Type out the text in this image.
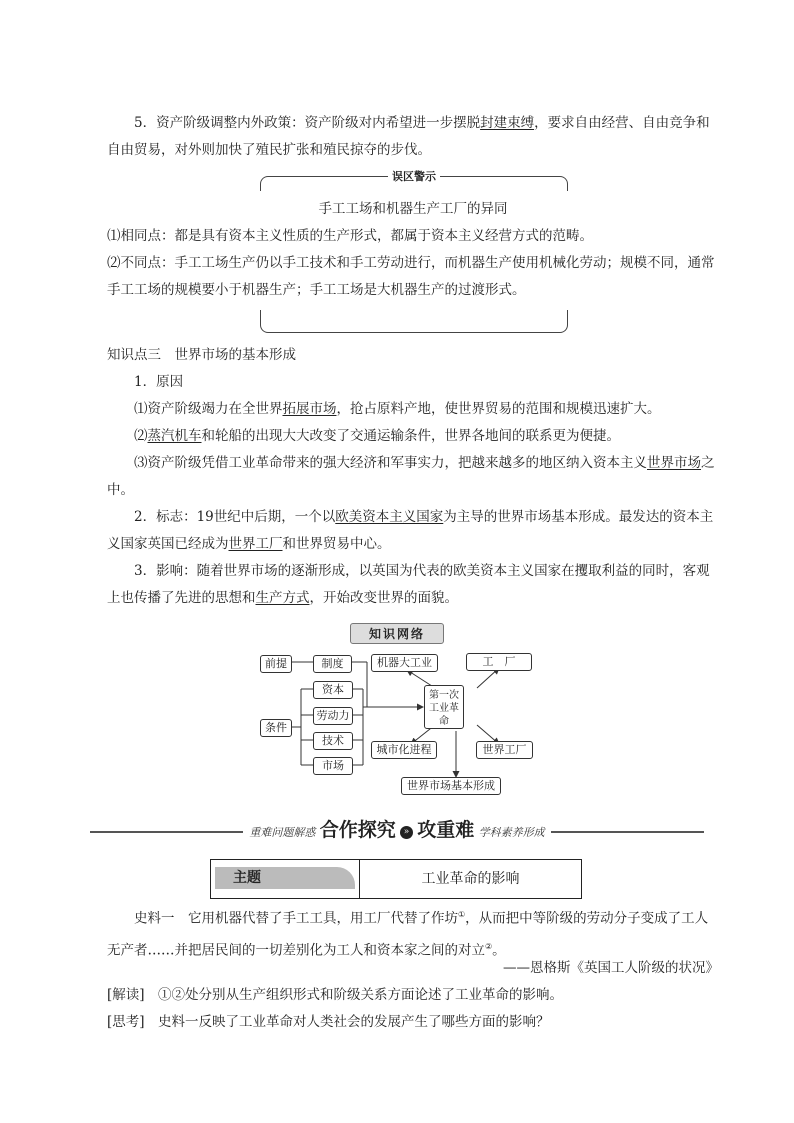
5．资产阶级调整内外政策：资产阶级对内希望进一步摆脱封建束缚，要求自由经营、自由竞争和自由贸易，对外则加快了殖民扩张和殖民掠夺的步伐。

误区警示
手工工场和机器生产工厂的异同

⑴相同点：都是具有资本主义性质的生产形式，都属于资本主义经营方式的范畴。

⑵不同点：手工工场生产仍以手工技术和手工劳动进行，而机器生产使用机械化劳动；规模不同，通常手工工场的规模要小于机器生产；手工工场是大机器生产的过渡形式。

知识点三　世界市场的基本形成

1．原因

⑴资产阶级竭力在全世界拓展市场，抢占原料产地，使世界贸易的范围和规模迅速扩大。

⑵蒸汽机车和轮船的出现大大改变了交通运输条件，世界各地间的联系更为便捷。

⑶资产阶级凭借工业革命带来的强大经济和军事实力，把越来越多的地区纳入资本主义世界市场之中。

2．标志：19世纪中后期，一个以欧美资本主义国家为主导的世界市场基本形成。最发达的资本主义国家英国已经成为世界工厂和世界贸易中心。

3．影响：随着世界市场的逐渐形成，以英国为代表的欧美资本主义国家在攫取利益的同时，客观上也传播了先进的思想和生产方式，开始改变世界的面貌。

知识网络
前提	制度
条件
资本
劳动力
技术
市场
第一次工业革命
机器大工业	工　厂
城市化进程	世界工厂
世界市场基本形成
重难问题解惑 合作探究 » 攻重难 学科素养形成
主题	工业革命的影响

史料一　它用机器代替了手工工具，用工厂代替了作坊①，从而把中等阶级的劳动分子变成了工人无产者……并把居民间的一切差别化为工人和资本家之间的对立②。

——恩格斯《英国工人阶级的状况》

[解读]　①②处分别从生产组织形式和阶级关系方面论述了工业革命的影响。

[思考]　史料一反映了工业革命对人类社会的发展产生了哪些方面的影响？
